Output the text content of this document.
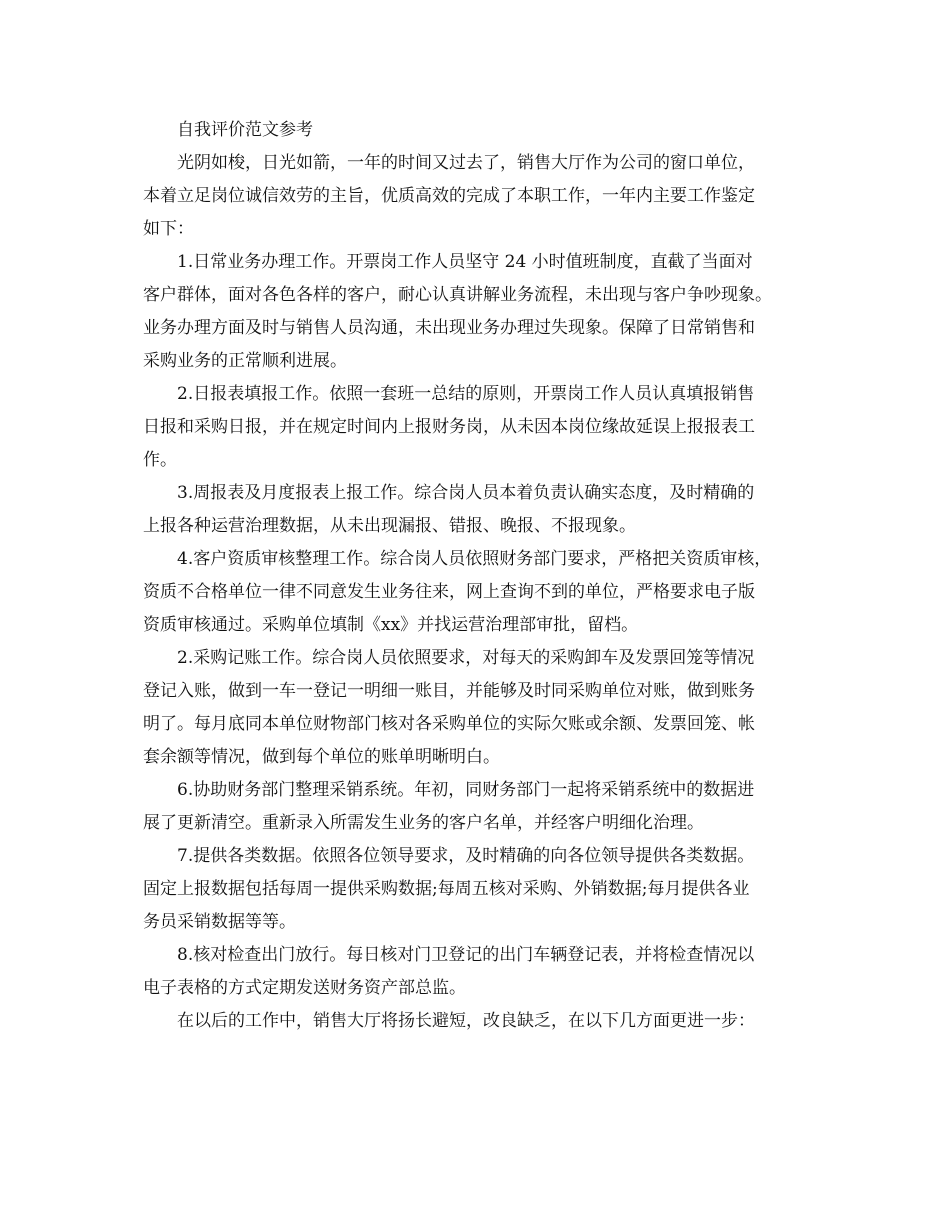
自我评价范文参考
光阴如梭，日光如箭，一年的时间又过去了，销售大厅作为公司的窗口单位，
本着立足岗位诚信效劳的主旨，优质高效的完成了本职工作，一年内主要工作鉴定
如下：
1.日常业务办理工作。开票岗工作人员坚守 24 小时值班制度，直截了当面对
客户群体，面对各色各样的客户，耐心认真讲解业务流程，未出现与客户争吵现象。
业务办理方面及时与销售人员沟通，未出现业务办理过失现象。保障了日常销售和
采购业务的正常顺利进展。
2.日报表填报工作。依照一套班一总结的原则，开票岗工作人员认真填报销售
日报和采购日报，并在规定时间内上报财务岗，从未因本岗位缘故延误上报报表工
作。
3.周报表及月度报表上报工作。综合岗人员本着负责认确实态度，及时精确的
上报各种运营治理数据，从未出现漏报、错报、晚报、不报现象。
4.客户资质审核整理工作。综合岗人员依照财务部门要求，严格把关资质审核，
资质不合格单位一律不同意发生业务往来，网上查询不到的单位，严格要求电子版
资质审核通过。采购单位填制《xx》并找运营治理部审批，留档。
2.采购记账工作。综合岗人员依照要求，对每天的采购卸车及发票回笼等情况
登记入账，做到一车一登记一明细一账目，并能够及时同采购单位对账，做到账务
明了。每月底同本单位财物部门核对各采购单位的实际欠账或余额、发票回笼、帐
套余额等情况，做到每个单位的账单明晰明白。
6.协助财务部门整理采销系统。年初，同财务部门一起将采销系统中的数据进
展了更新清空。重新录入所需发生业务的客户名单，并经客户明细化治理。
7.提供各类数据。依照各位领导要求，及时精确的向各位领导提供各类数据。
固定上报数据包括每周一提供采购数据;每周五核对采购、外销数据;每月提供各业
务员采销数据等等。
8.核对检查出门放行。每日核对门卫登记的出门车辆登记表，并将检查情况以
电子表格的方式定期发送财务资产部总监。
在以后的工作中，销售大厅将扬长避短，改良缺乏，在以下几方面更进一步：
